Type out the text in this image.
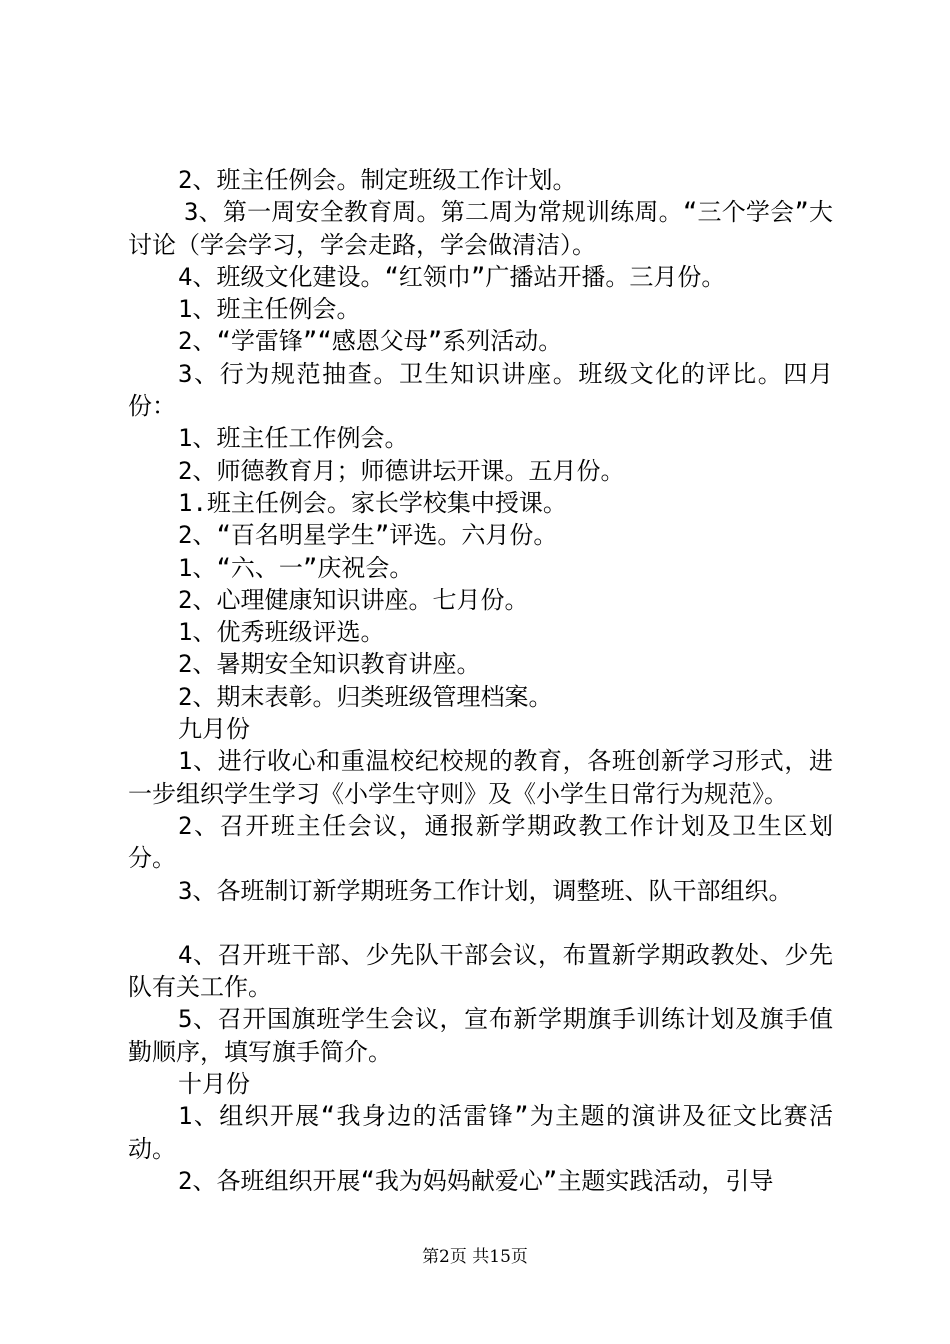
2、班主任例会。制定班级工作计划。

3、第一周安全教育周。第二周为常规训练周。“三个学会”大讨论（学会学习，学会走路，学会做清洁）。

4、班级文化建设。“红领巾”广播站开播。三月份。

1、班主任例会。

2、“学雷锋”“感恩父母”系列活动。

3、行为规范抽查。卫生知识讲座。班级文化的评比。四月份：

1、班主任工作例会。

2、师德教育月；师德讲坛开课。五月份。

1.班主任例会。家长学校集中授课。

2、“百名明星学生”评选。六月份。

1、“六、一”庆祝会。

2、心理健康知识讲座。七月份。

1、优秀班级评选。

2、暑期安全知识教育讲座。

2、期末表彰。归类班级管理档案。

九月份

1、进行收心和重温校纪校规的教育，各班创新学习形式，进一步组织学生学习《小学生守则》及《小学生日常行为规范》。

2、召开班主任会议，通报新学期政教工作计划及卫生区划分。

3、各班制订新学期班务工作计划，调整班、队干部组织。

4、召开班干部、少先队干部会议，布置新学期政教处、少先队有关工作。

5、召开国旗班学生会议，宣布新学期旗手训练计划及旗手值勤顺序，填写旗手简介。

十月份

1、组织开展“我身边的活雷锋”为主题的演讲及征文比赛活动。

2、各班组织开展“我为妈妈献爱心”主题实践活动，引导

第2页 共15页
